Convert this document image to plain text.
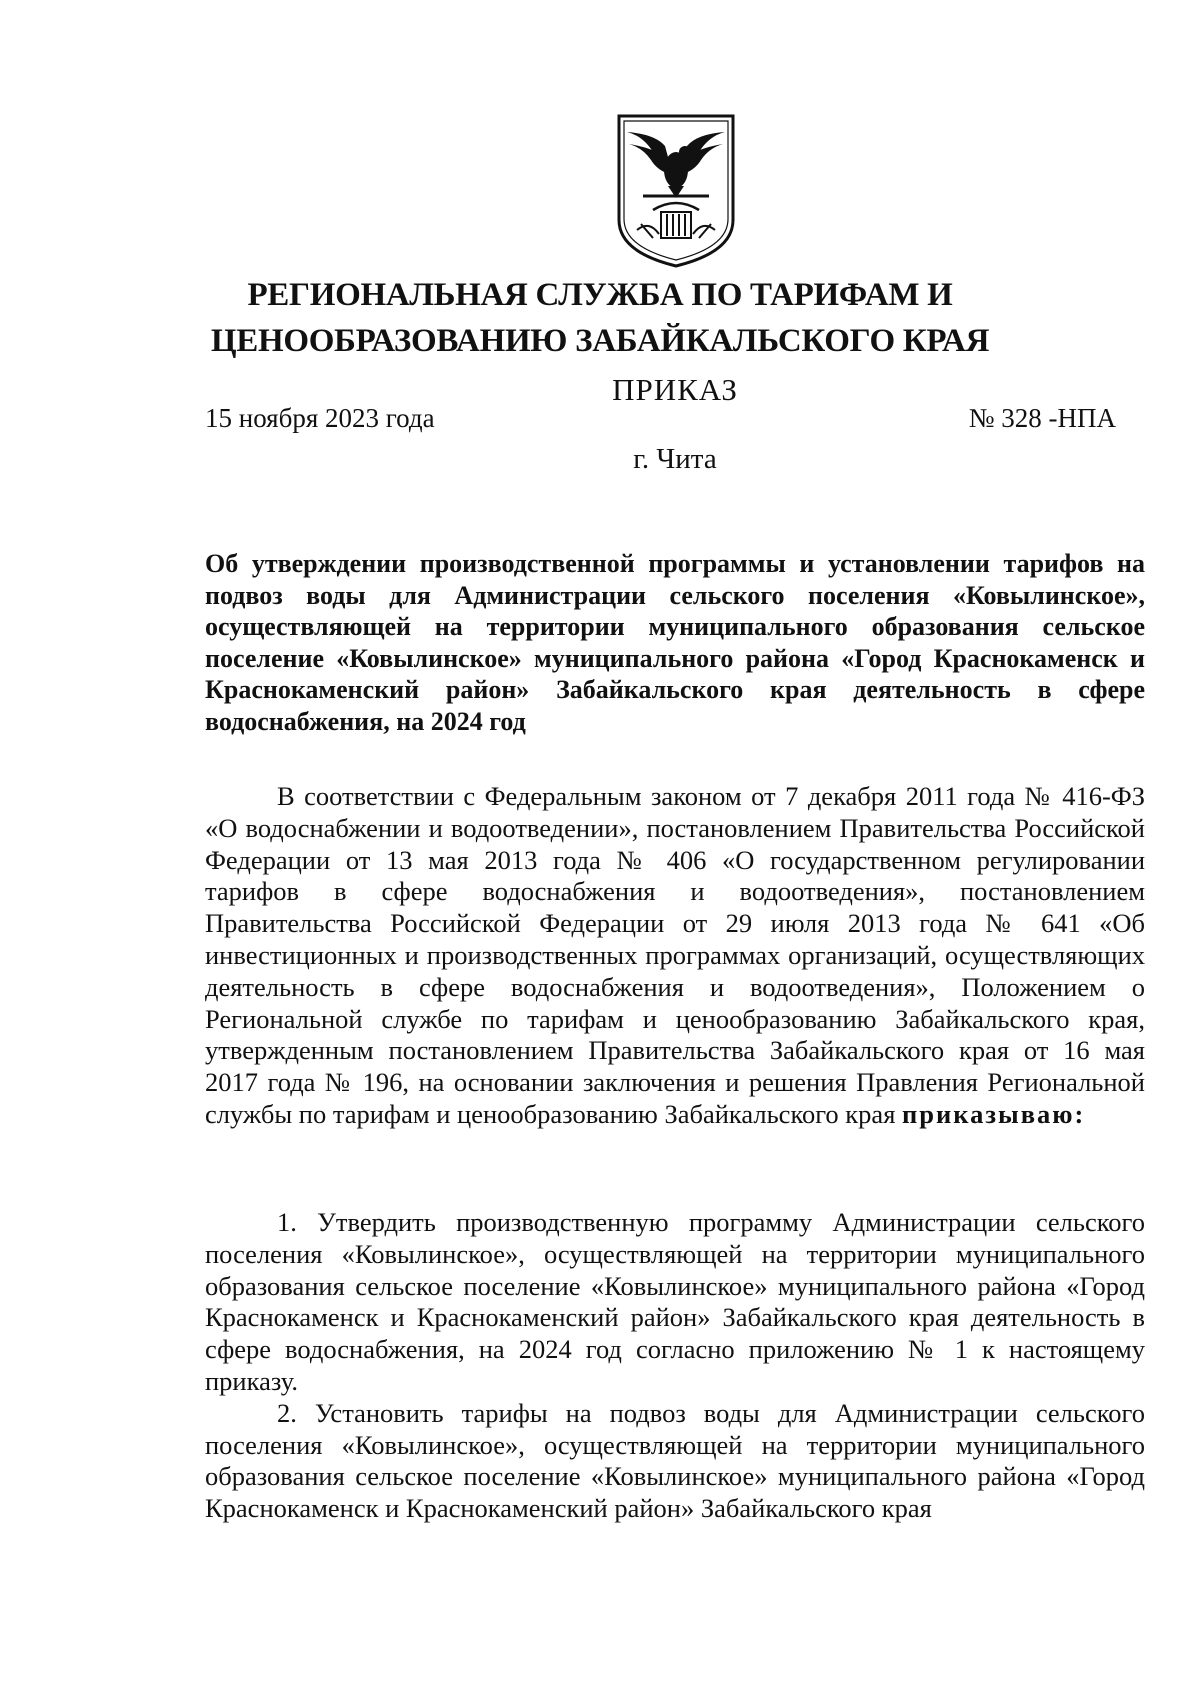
РЕГИОНАЛЬНАЯ СЛУЖБА ПО ТАРИФАМ И
ЦЕНООБРАЗОВАНИЮ ЗАБАЙКАЛЬСКОГО КРАЯ
ПРИКАЗ
15 ноября 2023 года	№ 328 -НПА
г. Чита
Об утверждении производственной программы и установлении тарифов на подвоз воды для Администрации сельского поселения «Ковылинское», осуществляющей на территории муниципального образования сельское поселение «Ковылинское» муниципального района «Город Краснокаменск и Краснокаменский район» Забайкальского края деятельность в сфере водоснабжения, на 2024 год

В соответствии с Федеральным законом от 7 декабря 2011 года № 416-ФЗ «О водоснабжении и водоотведении», постановлением Правительства Российской Федерации от 13 мая 2013 года № 406 «О государственном регулировании тарифов в сфере водоснабжения и водоотведения», постановлением Правительства Российской Федерации от 29 июля 2013 года № 641 «Об инвестиционных и производственных программах организаций, осуществляющих деятельность в сфере водоснабжения и водоотведения», Положением о Региональной службе по тарифам и ценообразованию Забайкальского края, утвержденным постановлением Правительства Забайкальского края от 16 мая 2017 года № 196, на основании заключения и решения Правления Региональной службы по тарифам и ценообразованию Забайкальского края приказываю:

1. Утвердить производственную программу Администрации сельского поселения «Ковылинское», осуществляющей на территории муниципального образования сельское поселение «Ковылинское» муниципального района «Город Краснокаменск и Краснокаменский район» Забайкальского края деятельность в сфере водоснабжения, на 2024 год согласно приложению № 1 к настоящему приказу.

2. Установить тарифы на подвоз воды для Администрации сельского поселения «Ковылинское», осуществляющей на территории муниципального образования сельское поселение «Ковылинское» муниципального района «Город Краснокаменск и Краснокаменский район» Забайкальского края
